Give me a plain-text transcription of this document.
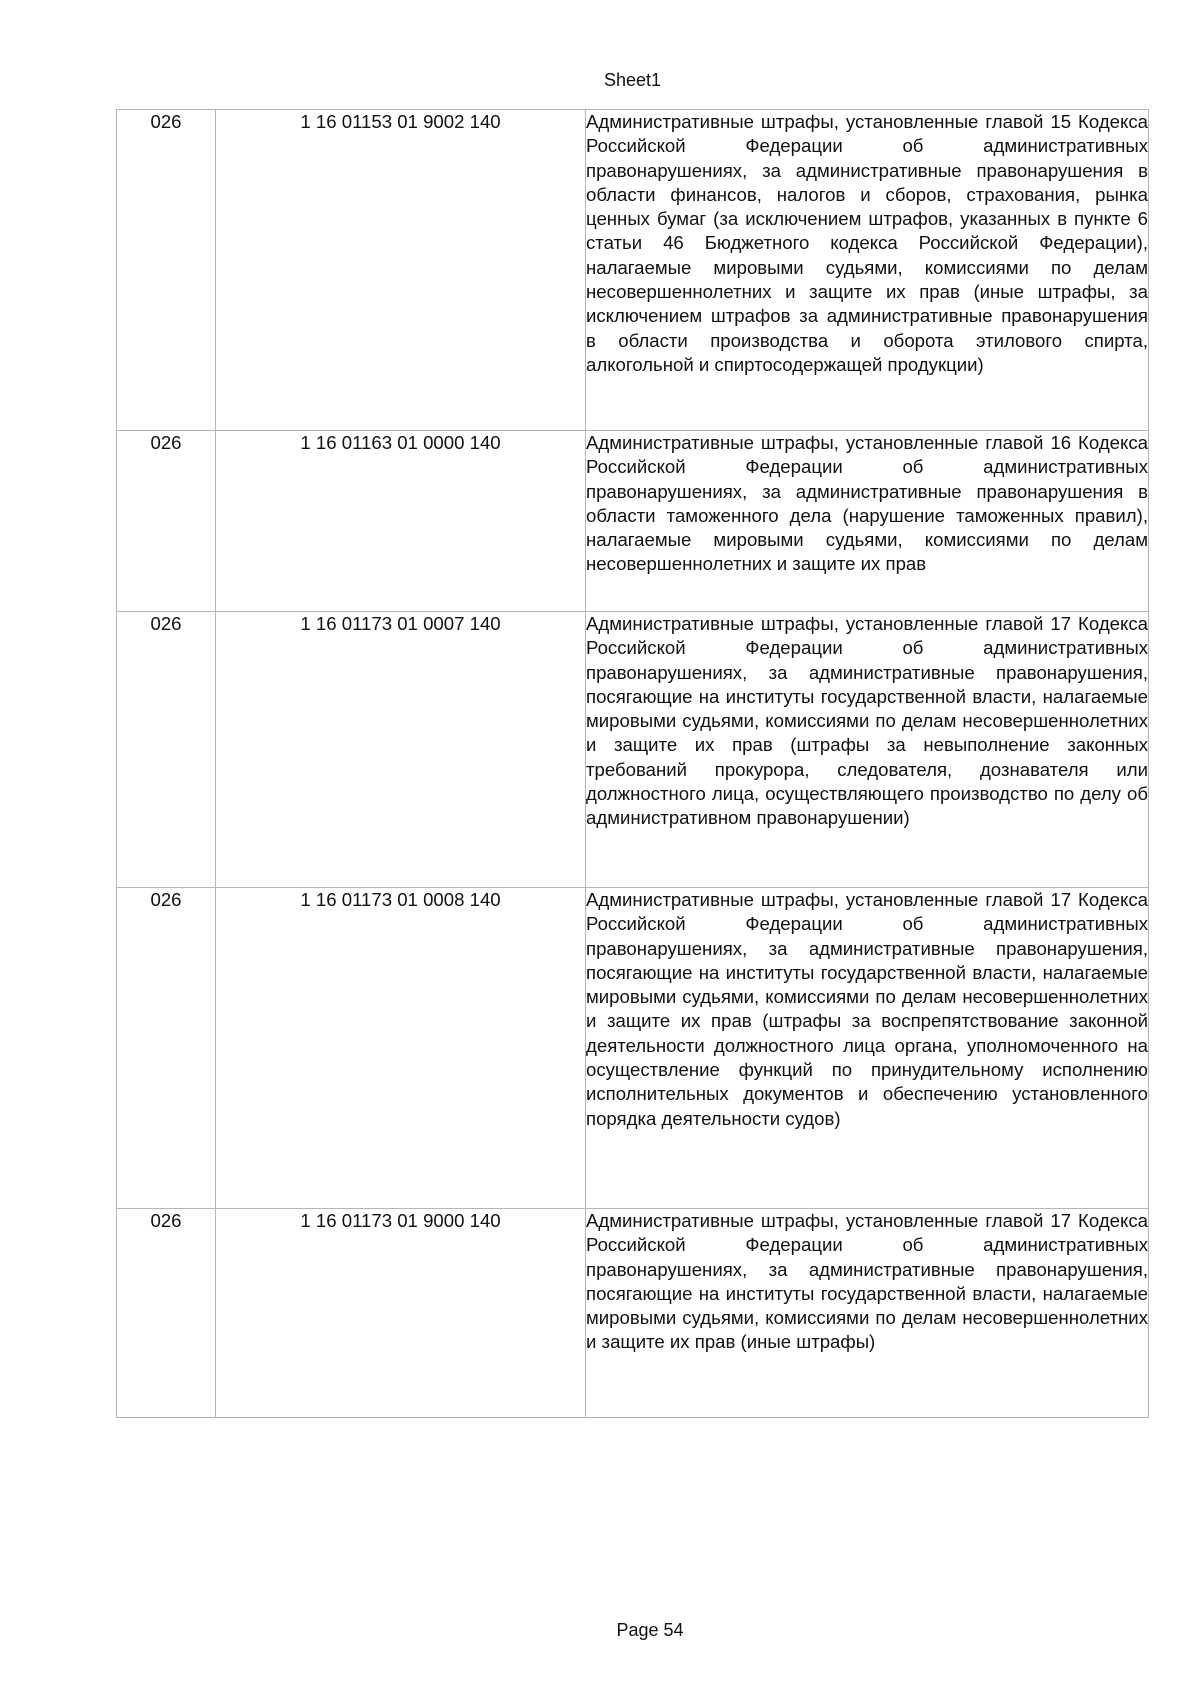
Sheet1
026	1 16 01153 01 9002 140	Административные штрафы, установленные главой 15 Кодекса Российской Федерации об административных правонарушениях, за административные правонарушения в области финансов, налогов и сборов, страхования, рынка ценных бумаг (за исключением штрафов, указанных в пункте 6 статьи 46 Бюджетного кодекса Российской Федерации), налагаемые мировыми судьями, комиссиями по делам несовершеннолетних и защите их прав (иные штрафы, за исключением штрафов за административные правонарушения в области производства и оборота этилового спирта, алкогольной и спиртосодержащей продукции)
026	1 16 01163 01 0000 140	Административные штрафы, установленные главой 16 Кодекса Российской Федерации об административных правонарушениях, за административные правонарушения в области таможенного дела (нарушение таможенных правил), налагаемые мировыми судьями, комиссиями по делам несовершеннолетних и защите их прав
026	1 16 01173 01 0007 140	Административные штрафы, установленные главой 17 Кодекса Российской Федерации об административных правонарушениях, за административные правонарушения, посягающие на институты государственной власти, налагаемые мировыми судьями, комиссиями по делам несовершеннолетних и защите их прав (штрафы за невыполнение законных требований прокурора, следователя, дознавателя или должностного лица, осуществляющего производство по делу об административном правонарушении)
026	1 16 01173 01 0008 140	Административные штрафы, установленные главой 17 Кодекса Российской Федерации об административных правонарушениях, за административные правонарушения, посягающие на институты государственной власти, налагаемые мировыми судьями, комиссиями по делам несовершеннолетних и защите их прав (штрафы за воспрепятствование законной деятельности должностного лица органа, уполномоченного на осуществление функций по принудительному исполнению исполнительных документов и обеспечению установленного порядка деятельности судов)
026	1 16 01173 01 9000 140	Административные штрафы, установленные главой 17 Кодекса Российской Федерации об административных правонарушениях, за административные правонарушения, посягающие на институты государственной власти, налагаемые мировыми судьями, комиссиями по делам несовершеннолетних и защите их прав (иные штрафы)
Page 54
